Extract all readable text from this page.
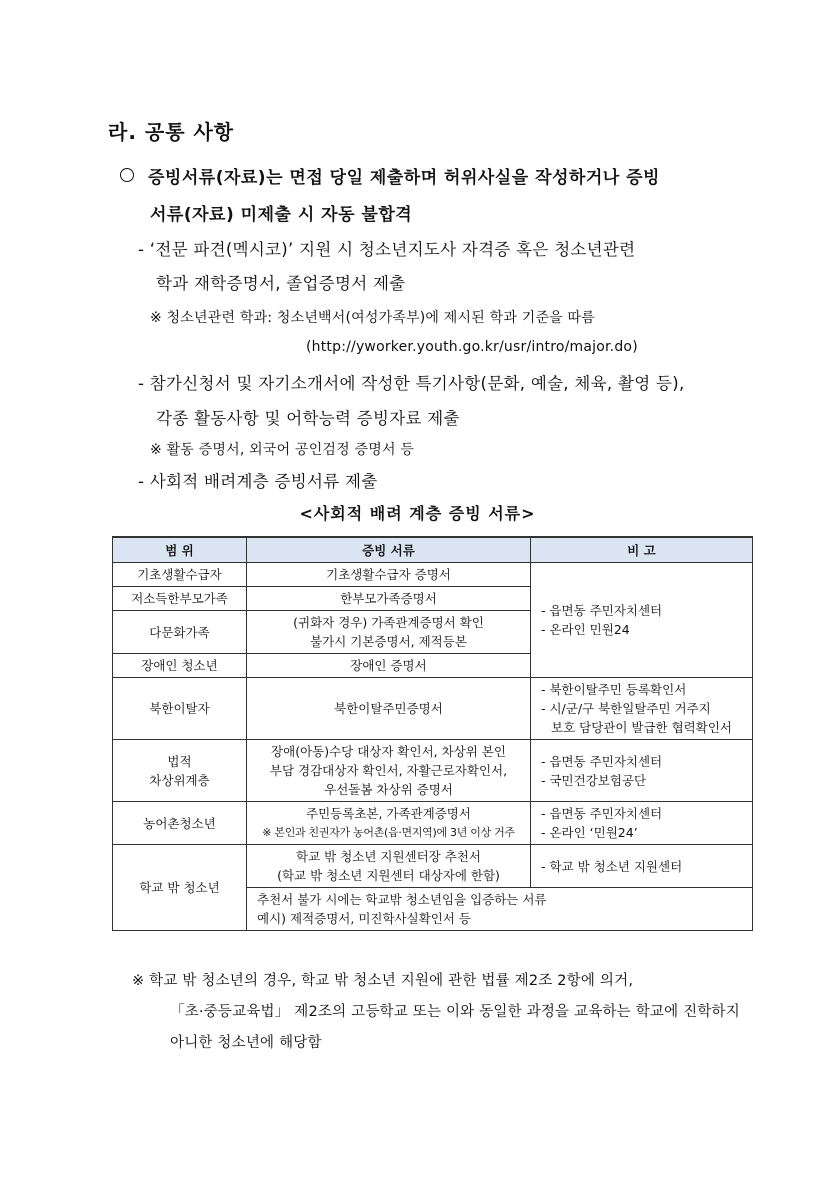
라. 공통 사항
증빙서류(자료)는 면접 당일 제출하며 허위사실을 작성하거나 증빙
서류(자료) 미제출 시 자동 불합격
- ‘전문 파견(멕시코)’ 지원 시 청소년지도사 자격증 혹은 청소년관련
학과 재학증명서, 졸업증명서 제출
※ 청소년관련 학과: 청소년백서(여성가족부)에 제시된 학과 기준을 따름
(http://yworker.youth.go.kr/usr/intro/major.do)
- 참가신청서 및 자기소개서에 작성한 특기사항(문화, 예술, 체육, 촬영 등),
각종 활동사항 및 어학능력 증빙자료 제출
※ 활동 증명서, 외국어 공인검정 증명서 등
- 사회적 배려계층 증빙서류 제출
<사회적 배려 계층 증빙 서류>
범 위	증빙 서류	비 고
기초생활수급자	기초생활수급자 증명서	- 읍면동 주민자치센터
- 온라인 민원24

저소득한부모가족	한부모가족증명서	
다문화가족	(귀화자 경우) 가족관계증명서 확인
불가시 기본증명서, 제적등본	

장애인 청소년	장애인 증명서	
북한이탈자	북한이탈주민증명서	- 북한이탈주민 등록확인서
- 시/군/구 북한일탈주민 거주지
보호 담당관이 발급한 협력확인서

법적
차상위계층	장애(아동)수당 대상자 확인서, 차상위 본인
부담 경감대상자 확인서, 자활근로자확인서,
우선돌봄 차상위 증명서	- 읍면동 주민자치센터
- 국민건강보험공단

농어촌청소년	주민등록초본, 가족관계증명서
※ 본인과 친권자가 농어촌(읍·면지역)에 3년 이상 거주	- 읍면동 주민자치센터
- 온라인 ‘민원24’

학교 밖 청소년	학교 밖 청소년 지원센터장 추천서
(학교 밖 청소년 지원센터 대상자에 한함)	- 학교 밖 청소년 지원센터

	추천서 불가 시에는 학교밖 청소년임을 입증하는 서류
예시) 제적증명서, 미진학사실확인서 등	
※ 학교 밖 청소년의 경우, 학교 밖 청소년 지원에 관한 법률 제2조 2항에 의거,
「초·중등교육법」 제2조의 고등학교 또는 이와 동일한 과정을 교육하는 학교에 진학하지
아니한 청소년에 해당함
